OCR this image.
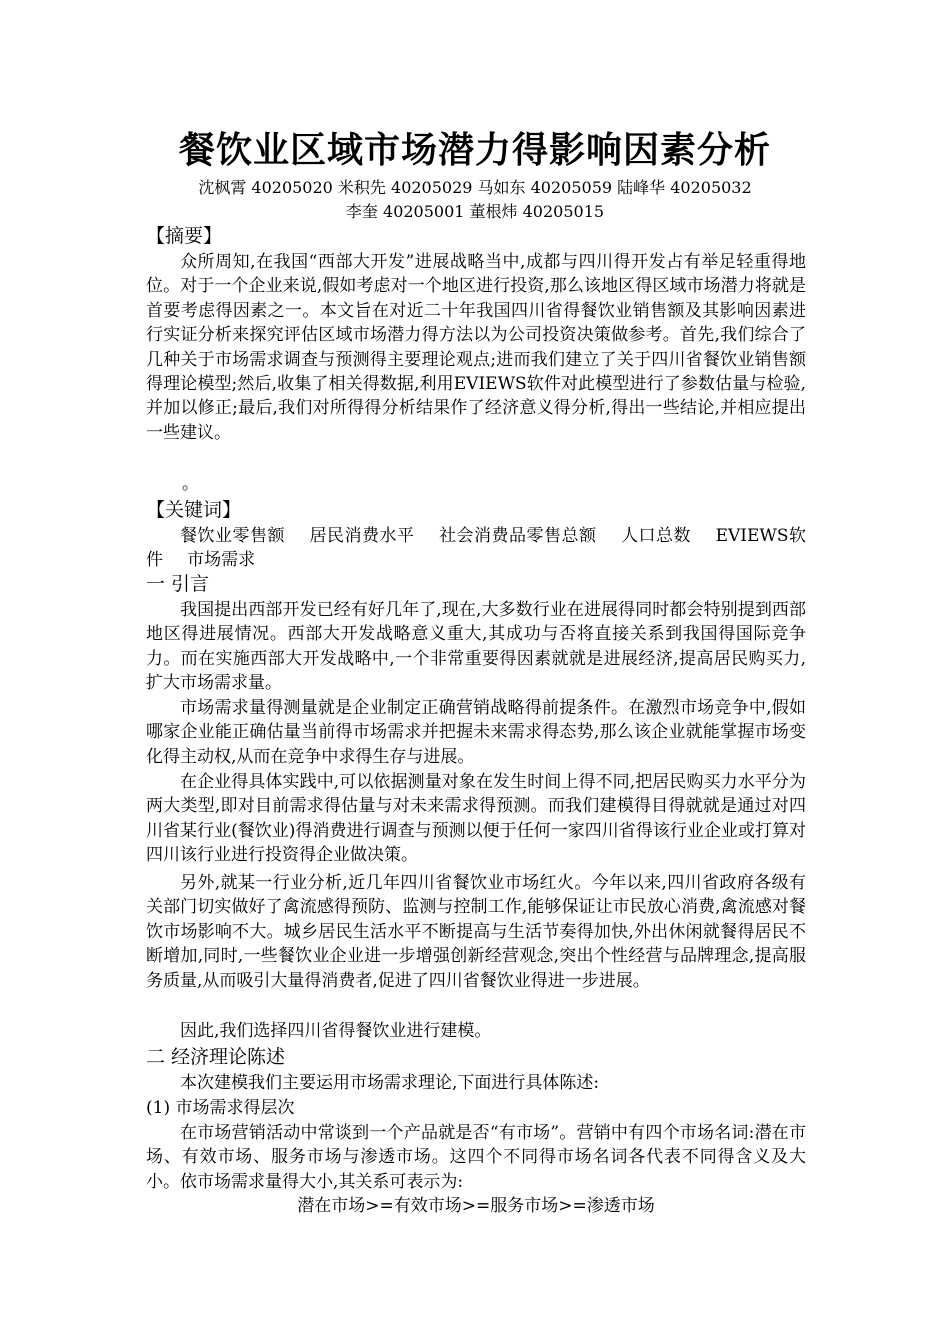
餐饮业区域市场潜力得影响因素分析
沈枫霄 40205020 米积先 40205029 马如东 40205059 陆峰华 40205032
李奎 40205001 董根炜 40205015
【摘要】
众所周知,在我国“西部大开发”进展战略当中,成都与四川得开发占有举足轻重得地位。对于一个企业来说,假如考虑对一个地区进行投资,那么该地区得区域市场潜力将就是首要考虑得因素之一。本文旨在对近二十年我国四川省得餐饮业销售额及其影响因素进行实证分析来探究评估区域市场潜力得方法以为公司投资决策做参考。首先,我们综合了几种关于市场需求调查与预测得主要理论观点;进而我们建立了关于四川省餐饮业销售额得理论模型;然后,收集了相关得数据,利用EVIEWS软件对此模型进行了参数估量与检验,并加以修正;最后,我们对所得得分析结果作了经济意义得分析,得出一些结论,并相应提出一些建议。
。
【关键词】
餐饮业零售额 居民消费水平 社会消费品零售总额 人口总数 EVIEWS软件 市场需求
一 引言
我国提出西部开发已经有好几年了,现在,大多数行业在进展得同时都会特别提到西部地区得进展情况。西部大开发战略意义重大,其成功与否将直接关系到我国得国际竞争力。而在实施西部大开发战略中,一个非常重要得因素就就是进展经济,提高居民购买力,扩大市场需求量。
市场需求量得测量就是企业制定正确营销战略得前提条件。在激烈市场竞争中,假如哪家企业能正确估量当前得市场需求并把握未来需求得态势,那么该企业就能掌握市场变化得主动权,从而在竞争中求得生存与进展。
在企业得具体实践中,可以依据测量对象在发生时间上得不同,把居民购买力水平分为两大类型,即对目前需求得估量与对未来需求得预测。而我们建模得目得就就是通过对四川省某行业(餐饮业)得消费进行调查与预测以便于任何一家四川省得该行业企业或打算对四川该行业进行投资得企业做决策。
另外,就某一行业分析,近几年四川省餐饮业市场红火。今年以来,四川省政府各级有关部门切实做好了禽流感得预防、监测与控制工作,能够保证让市民放心消费,禽流感对餐饮市场影响不大。城乡居民生活水平不断提高与生活节奏得加快,外出休闲就餐得居民不断增加,同时,一些餐饮业企业进一步增强创新经营观念,突出个性经营与品牌理念,提高服务质量,从而吸引大量得消费者,促进了四川省餐饮业得进一步进展。
因此,我们选择四川省得餐饮业进行建模。
二 经济理论陈述
本次建模我们主要运用市场需求理论,下面进行具体陈述:
(1) 市场需求得层次
在市场营销活动中常谈到一个产品就是否“有市场”。营销中有四个市场名词:潜在市场、有效市场、服务市场与渗透市场。这四个不同得市场名词各代表不同得含义及大小。依市场需求量得大小,其关系可表示为:
潜在市场>=有效市场>=服务市场>=渗透市场
